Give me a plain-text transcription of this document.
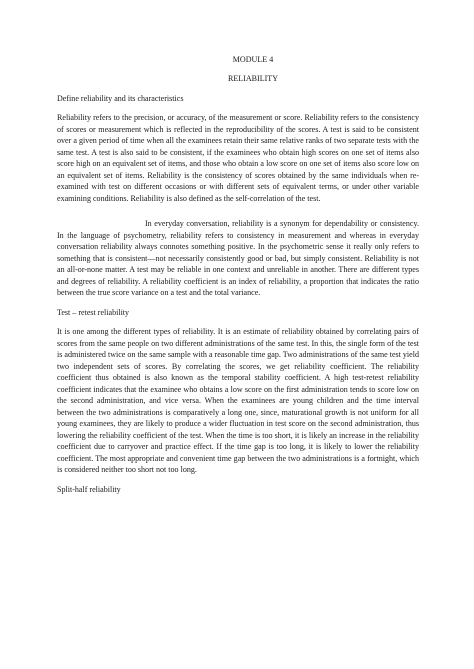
MODULE 4
RELIABILITY

Define reliability and its characteristics

Reliability refers to the precision, or accuracy, of the measurement or score. Reliability refers to the consistency of scores or measurement which is reflected in the reproducibility of the scores. A test is said to be consistent over a given period of time when all the examinees retain their same relative ranks of two separate tests with the same test. A test is also said to be consistent, if the examinees who obtain high scores on one set of items also score high on an equivalent set of items, and those who obtain a low score on one set of items also score low on an equivalent set of items. Reliability is the consistency of scores obtained by the same individuals when re-examined with test on different occasions or with different sets of equivalent terms, or under other variable examining conditions. Reliability is also defined as the self-correlation of the test.

In everyday conversation, reliability is a synonym for dependability or consistency. In the language of psychometry, reliability refers to consistency in measurement and whereas in everyday conversation reliability always connotes something positive. In the psychometric sense it really only refers to something that is consistent—not necessarily consistently good or bad, but simply consistent. Reliability is not an all-or-none matter. A test may be reliable in one context and unreliable in another. There are different types and degrees of reliability. A reliability coefficient is an index of reliability, a proportion that indicates the ratio between the true score variance on a test and the total variance.

Test – retest reliability

It is one among the different types of reliability. It is an estimate of reliability obtained by correlating pairs of scores from the same people on two different administrations of the same test. In this, the single form of the test is administered twice on the same sample with a reasonable time gap. Two administrations of the same test yield two independent sets of scores. By correlating the scores, we get reliability coefficient. The reliability coefficient thus obtained is also known as the temporal stability coefficient. A high test-retest reliability coefficient indicates that the examinee who obtains a low score on the first administration tends to score low on the second administration, and vice versa. When the examinees are young children and the time interval between the two administrations is comparatively a long one, since, maturational growth is not uniform for all young examinees, they are likely to produce a wider fluctuation in test score on the second administration, thus lowering the reliability coefficient of the test. When the time is too short, it is likely an increase in the reliability coefficient due to carryover and practice effect. If the time gap is too long, it is likely to lower the reliability coefficient. The most appropriate and convenient time gap between the two administrations is a fortnight, which is considered neither too short not too long.

Split-half reliability
